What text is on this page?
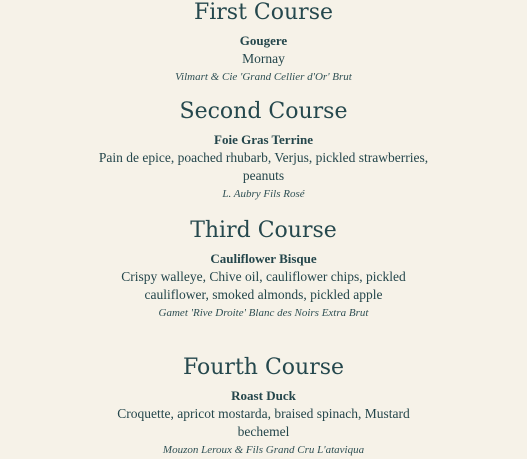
First Course
Gougere
Mornay
Vilmart & Cie 'Grand Cellier d'Or' Brut
Second Course
Foie Gras Terrine
Pain de epice, poached rhubarb, Verjus, pickled strawberries, peanuts
L. Aubry Fils Rosé
Third Course
Cauliflower Bisque
Crispy walleye, Chive oil, cauliflower chips, pickled cauliflower, smoked almonds, pickled apple
Gamet 'Rive Droite' Blanc des Noirs Extra Brut
Fourth Course
Roast Duck
Croquette, apricot mostarda, braised spinach, Mustard bechemel
Mouzon Leroux & Fils Grand Cru L'ataviqua
